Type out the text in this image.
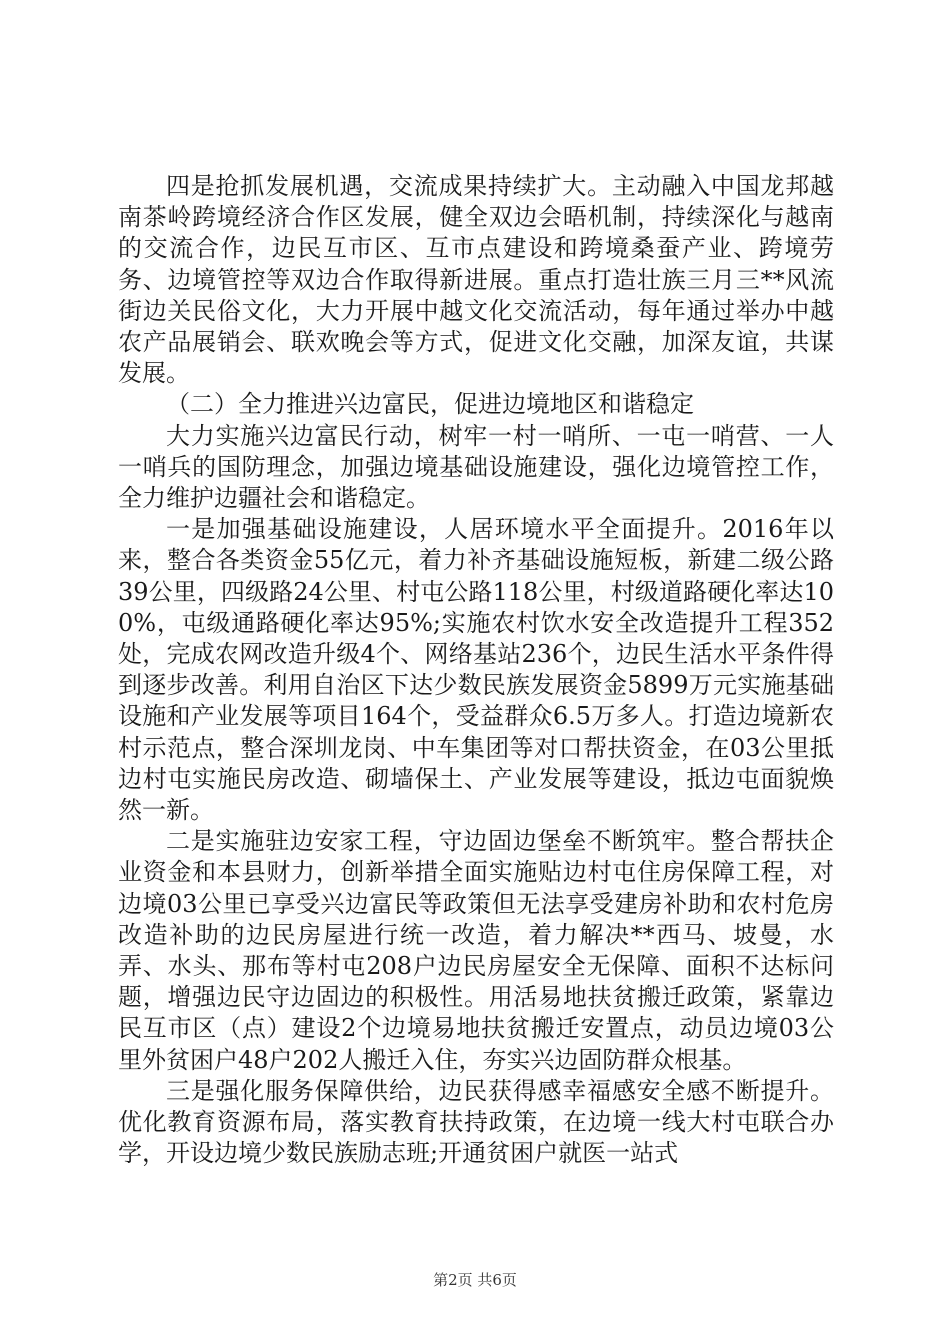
四是抢抓发展机遇，交流成果持续扩大。主动融入中国龙邦越南茶岭跨境经济合作区发展，健全双边会晤机制，持续深化与越南的交流合作，边民互市区、互市点建设和跨境桑蚕产业、跨境劳务、边境管控等双边合作取得新进展。重点打造壮族三月三**风流街边关民俗文化，大力开展中越文化交流活动，每年通过举办中越农产品展销会、联欢晚会等方式，促进文化交融，加深友谊，共谋发展。

（二）全力推进兴边富民，促进边境地区和谐稳定

大力实施兴边富民行动，树牢一村一哨所、一屯一哨营、一人一哨兵的国防理念，加强边境基础设施建设，强化边境管控工作，全力维护边疆社会和谐稳定。

一是加强基础设施建设，人居环境水平全面提升。2016年以来，整合各类资金55亿元，着力补齐基础设施短板，新建二级公路39公里，四级路24公里、村屯公路118公里，村级道路硬化率达100%，屯级通路硬化率达95%;实施农村饮水安全改造提升工程352处，完成农网改造升级4个、网络基站236个，边民生活水平条件得到逐步改善。利用自治区下达少数民族发展资金5899万元实施基础设施和产业发展等项目164个，受益群众6.5万多人。打造边境新农村示范点，整合深圳龙岗、中车集团等对口帮扶资金，在03公里抵边村屯实施民房改造、砌墙保土、产业发展等建设，抵边屯面貌焕然一新。

二是实施驻边安家工程，守边固边堡垒不断筑牢。整合帮扶企业资金和本县财力，创新举措全面实施贴边村屯住房保障工程，对边境03公里已享受兴边富民等政策但无法享受建房补助和农村危房改造补助的边民房屋进行统一改造，着力解决**西马、坡曼，水弄、水头、那布等村屯208户边民房屋安全无保障、面积不达标问题，增强边民守边固边的积极性。用活易地扶贫搬迁政策，紧靠边民互市区（点）建设2个边境易地扶贫搬迁安置点，动员边境03公里外贫困户48户202人搬迁入住，夯实兴边固防群众根基。

三是强化服务保障供给，边民获得感幸福感安全感不断提升。优化教育资源布局，落实教育扶持政策，在边境一线大村屯联合办学，开设边境少数民族励志班;开通贫困户就医一站式

第2页 共6页
